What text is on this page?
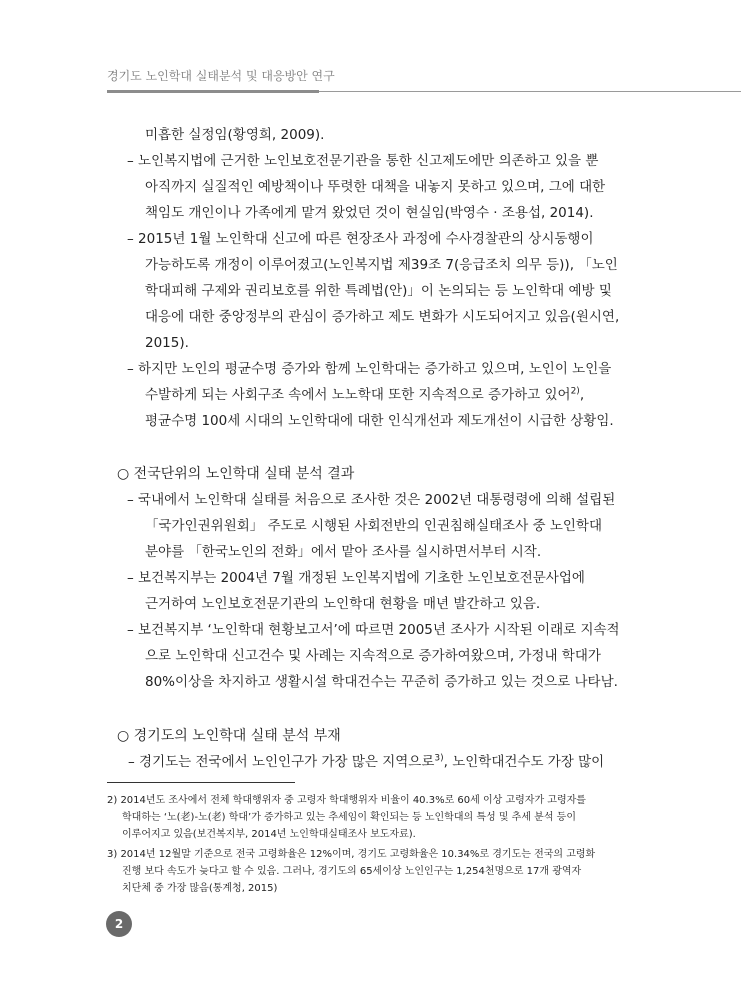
경기도 노인학대 실태분석 및 대응방안 연구
미흡한 실정임(황영희, 2009).
– 노인복지법에 근거한 노인보호전문기관을 통한 신고제도에만 의존하고 있을 뿐
아직까지 실질적인 예방책이나 뚜렷한 대책을 내놓지 못하고 있으며, 그에 대한
책임도 개인이나 가족에게 맡겨 왔었던 것이 현실임(박영수 · 조용섭, 2014).
– 2015년 1월 노인학대 신고에 따른 현장조사 과정에 수사경찰관의 상시동행이
가능하도록 개정이 이루어졌고(노인복지법 제39조 7(응급조치 의무 등)), 「노인
학대피해 구제와 권리보호를 위한 특례법(안)」이 논의되는 등 노인학대 예방 및
대응에 대한 중앙정부의 관심이 증가하고 제도 변화가 시도되어지고 있음(원시연,
2015).
– 하지만 노인의 평균수명 증가와 함께 노인학대는 증가하고 있으며, 노인이 노인을
수발하게 되는 사회구조 속에서 노노학대 또한 지속적으로 증가하고 있어$^{2)}$,
평균수명 100세 시대의 노인학대에 대한 인식개선과 제도개선이 시급한 상황임.
○ 전국단위의 노인학대 실태 분석 결과
– 국내에서 노인학대 실태를 처음으로 조사한 것은 2002년 대통령령에 의해 설립된
「국가인권위원회」 주도로 시행된 사회전반의 인권침해실태조사 중 노인학대
분야를 「한국노인의 전화」에서 맡아 조사를 실시하면서부터 시작.
– 보건복지부는 2004년 7월 개정된 노인복지법에 기초한 노인보호전문사업에
근거하여 노인보호전문기관의 노인학대 현황을 매년 발간하고 있음.
– 보건복지부 ‘노인학대 현황보고서’에 따르면 2005년 조사가 시작된 이래로 지속적
으로 노인학대 신고건수 및 사례는 지속적으로 증가하여왔으며, 가정내 학대가
80%이상을 차지하고 생활시설 학대건수는 꾸준히 증가하고 있는 것으로 나타남.
○ 경기도의 노인학대 실태 분석 부재
– 경기도는 전국에서 노인인구가 가장 많은 지역으로$^{3)}$, 노인학대건수도 가장 많이
2) 2014년도 조사에서 전체 학대행위자 중 고령자 학대행위자 비율이 40.3%로 60세 이상 고령자가 고령자를
학대하는 ‘노(老)-노(老) 학대’가 증가하고 있는 추세임이 확인되는 등 노인학대의 특성 및 추세 분석 등이
이루어지고 있음(보건복지부, 2014년 노인학대실태조사 보도자료).
3) 2014년 12월말 기준으로 전국 고령화율은 12%이며, 경기도 고령화율은 10.34%로 경기도는 전국의 고령화
진행 보다 속도가 늦다고 할 수 있음. 그러나, 경기도의 65세이상 노인인구는 1,254천명으로 17개 광역자
치단체 중 가장 많음(통계청, 2015)
2
